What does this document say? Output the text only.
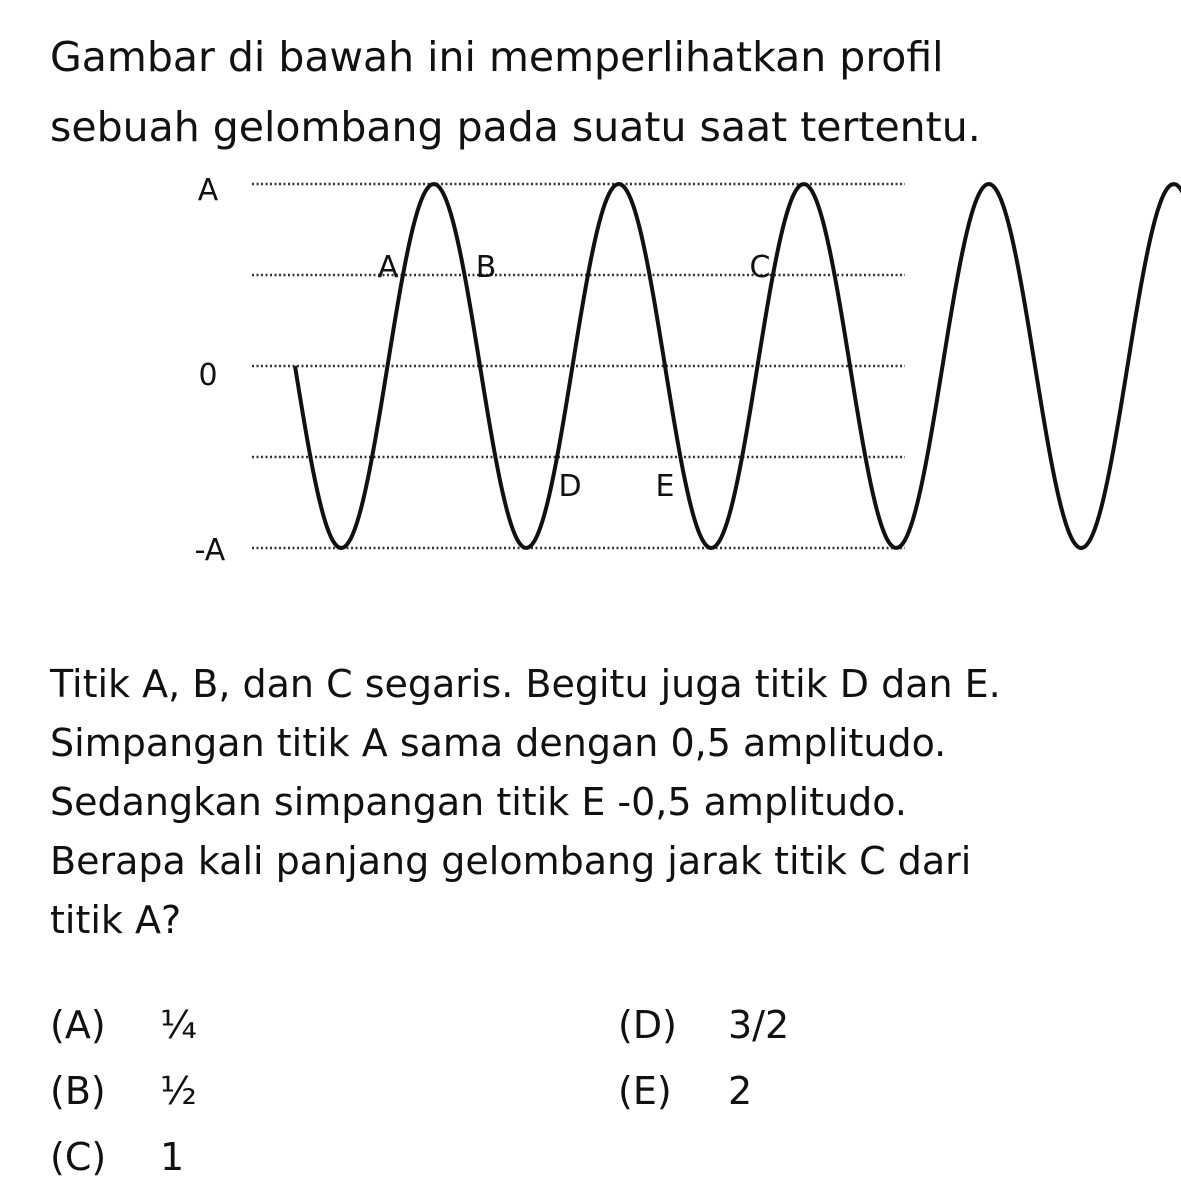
Gambar di bawah ini memperlihatkan profil
sebuah gelombang pada suatu saat tertentu.

A
0
-A
A	B	C
D E

Titik A, B, dan C segaris. Begitu juga titik D dan E.
Simpangan titik A sama dengan 0,5 amplitudo.
Sedangkan simpangan titik E -0,5 amplitudo.
Berapa kali panjang gelombang jarak titik C dari
titik A?

(A) ¼
(B) ½
(C) 1
(D) 3/2
(E) 2
